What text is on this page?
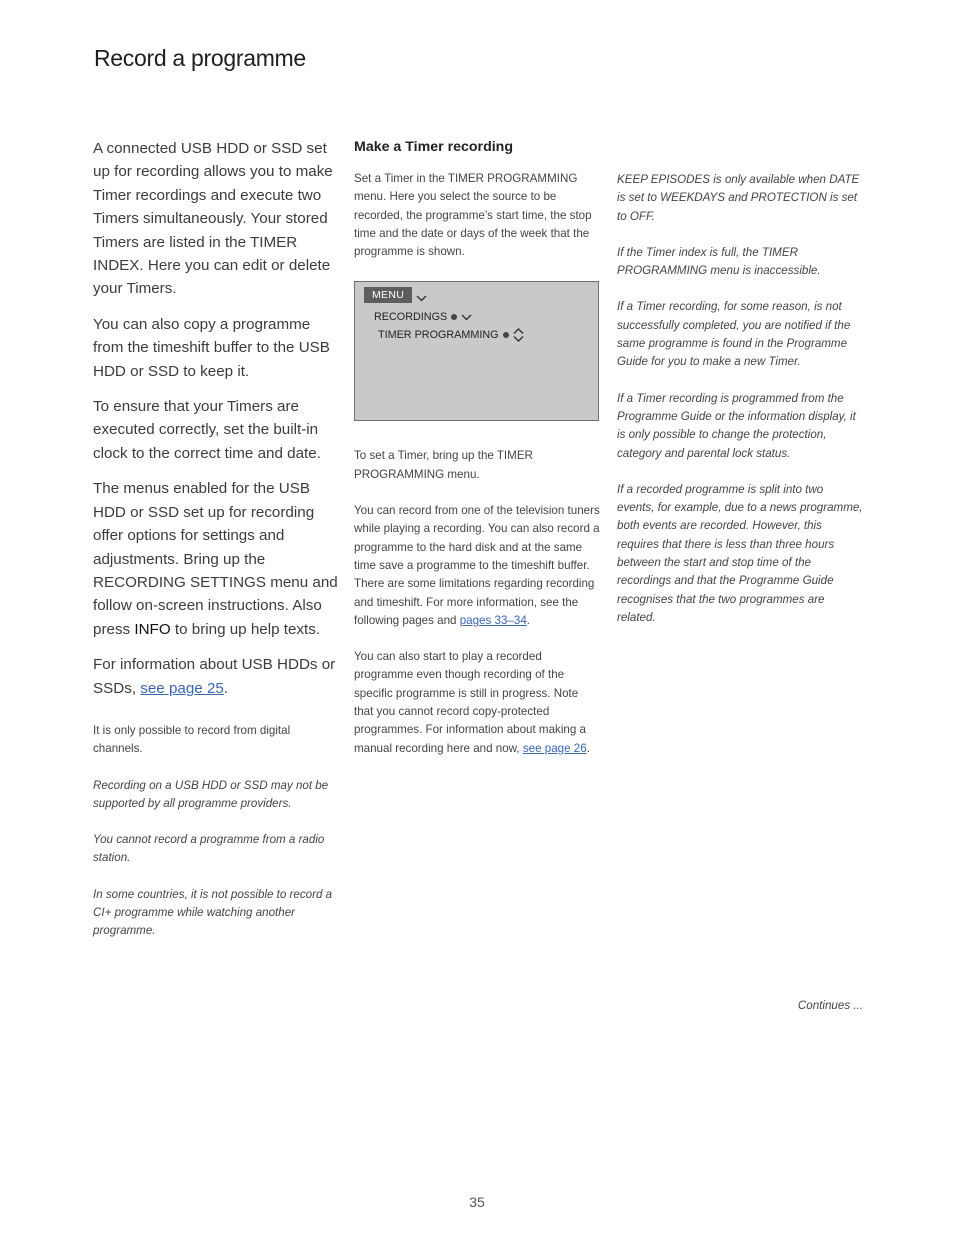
Record a programme

A connected USB HDD or SSD set up for recording allows you to make Timer recordings and execute two Timers simultaneously. Your stored Timers are listed in the TIMER INDEX. Here you can edit or delete your Timers.

You can also copy a programme from the timeshift buffer to the USB HDD or SSD to keep it.

To ensure that your Timers are executed correctly, set the built-in clock to the correct time and date.

The menus enabled for the USB HDD or SSD set up for recording offer options for settings and adjustments. Bring up the RECORDING SETTINGS menu and follow on-screen instructions. Also press INFO to bring up help texts.

For information about USB HDDs or SSDs, see page 25.

It is only possible to record from digital channels.

Recording on a USB HDD or SSD may not be supported by all programme providers.

You cannot record a programme from a radio station.

In some countries, it is not possible to record a CI+ programme while watching another programme.

Make a Timer recording

Set a Timer in the TIMER PROGRAMMING menu. Here you select the source to be recorded, the programme’s start time, the stop time and the date or days of the week that the programme is shown.

MENU
RECORDINGS
TIMER PROGRAMMING

To set a Timer, bring up the TIMER PROGRAMMING menu.

You can record from one of the television tuners while playing a recording. You can also record a programme to the hard disk and at the same time save a programme to the timeshift buffer. There are some limitations regarding recording and timeshift. For more information, see the following pages and pages 33–34.

You can also start to play a recorded programme even though recording of the specific programme is still in progress. Note that you cannot record copy-protected programmes. For information about making a manual recording here and now, see page 26.

KEEP EPISODES is only available when DATE is set to WEEKDAYS and PROTECTION is set to OFF.

If the Timer index is full, the TIMER PROGRAMMING menu is inaccessible.

If a Timer recording, for some reason, is not successfully completed, you are notified if the same programme is found in the Programme Guide for you to make a new Timer.

If a Timer recording is programmed from the Programme Guide or the information display, it is only possible to change the protection, category and parental lock status.

If a recorded programme is split into two events, for example, due to a news programme, both events are recorded. However, this requires that there is less than three hours between the start and stop time of the recordings and that the Programme Guide recognises that the two programmes are related.

Continues ...
35
